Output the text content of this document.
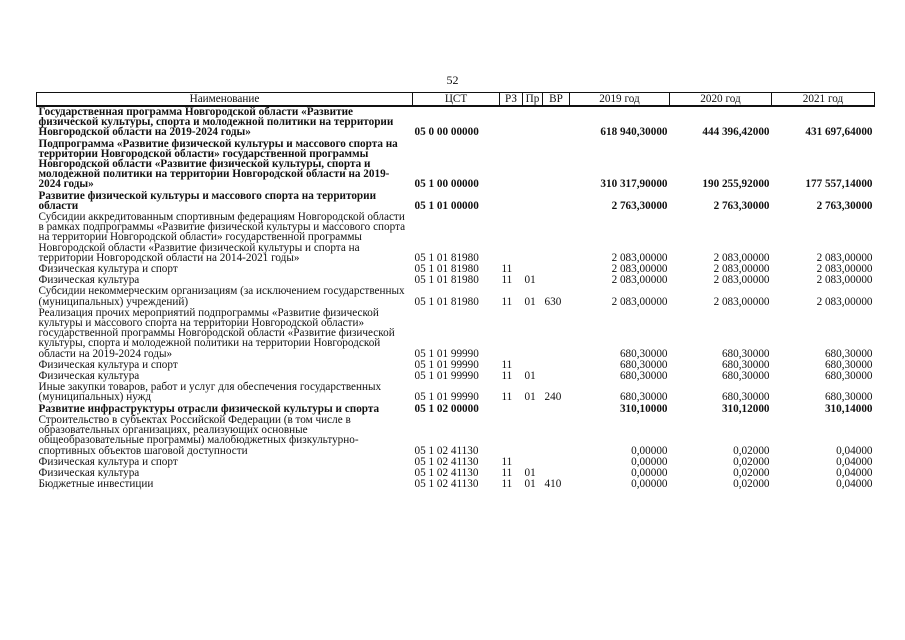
52
Наименование	ЦСТ	РЗ	Пр	ВР	2019 год	2020 год	2021 год
Государственная программа Новгородской области «Развитие физической культуры, спорта и молодежной политики на территории Новгородской области на 2019-2024 годы»	05 0 00 00000				618 940,30000	444 396,42000	431 697,64000
Подпрограмма «Развитие физической культуры и массового спорта на территории Новгородской области» государственной программы Новгородской области «Развитие физической культуры, спорта и молодежной политики на территории Новгородской области на 2019-2024 годы»	05 1 00 00000				310 317,90000	190 255,92000	177 557,14000
Развитие физической культуры и массового спорта на территории области	05 1 01 00000				2 763,30000	2 763,30000	2 763,30000
Субсидии аккредитованным спортивным федерациям Новгородской области в рамках подпрограммы «Развитие физической культуры и массового спорта на территории Новгородской области» государственной программы Новгородской области «Развитие физической культуры и спорта на территории Новгородской области на 2014-2021 годы»	05 1 01 81980				2 083,00000	2 083,00000	2 083,00000
Физическая культура и спорт	05 1 01 81980	11			2 083,00000	2 083,00000	2 083,00000
Физическая культура	05 1 01 81980	11	01		2 083,00000	2 083,00000	2 083,00000
Субсидии некоммерческим организациям (за исключением государственных (муниципальных) учреждений)	05 1 01 81980	11	01	630	2 083,00000	2 083,00000	2 083,00000
Реализация прочих мероприятий подпрограммы «Развитие физической культуры и массового спорта на территории Новгородской области» государственной программы Новгородской области «Развитие физической культуры, спорта и молодежной политики на территории Новгородской области на 2019-2024 годы»	05 1 01 99990				680,30000	680,30000	680,30000
Физическая культура и спорт	05 1 01 99990	11			680,30000	680,30000	680,30000
Физическая культура	05 1 01 99990	11	01		680,30000	680,30000	680,30000
Иные закупки товаров, работ и услуг для обеспечения государственных (муниципальных) нужд	05 1 01 99990	11	01	240	680,30000	680,30000	680,30000
Развитие инфраструктуры отрасли физической культуры и спорта	05 1 02 00000				310,10000	310,12000	310,14000
Строительство в субъектах Российской Федерации (в том числе в образовательных организациях, реализующих основные общеобразовательные программы) малобюджетных физкультурно-спортивных объектов шаговой доступности	05 1 02 41130				0,00000	0,02000	0,04000
Физическая культура и спорт	05 1 02 41130	11			0,00000	0,02000	0,04000
Физическая культура	05 1 02 41130	11	01		0,00000	0,02000	0,04000
Бюджетные инвестиции	05 1 02 41130	11	01	410	0,00000	0,02000	0,04000
